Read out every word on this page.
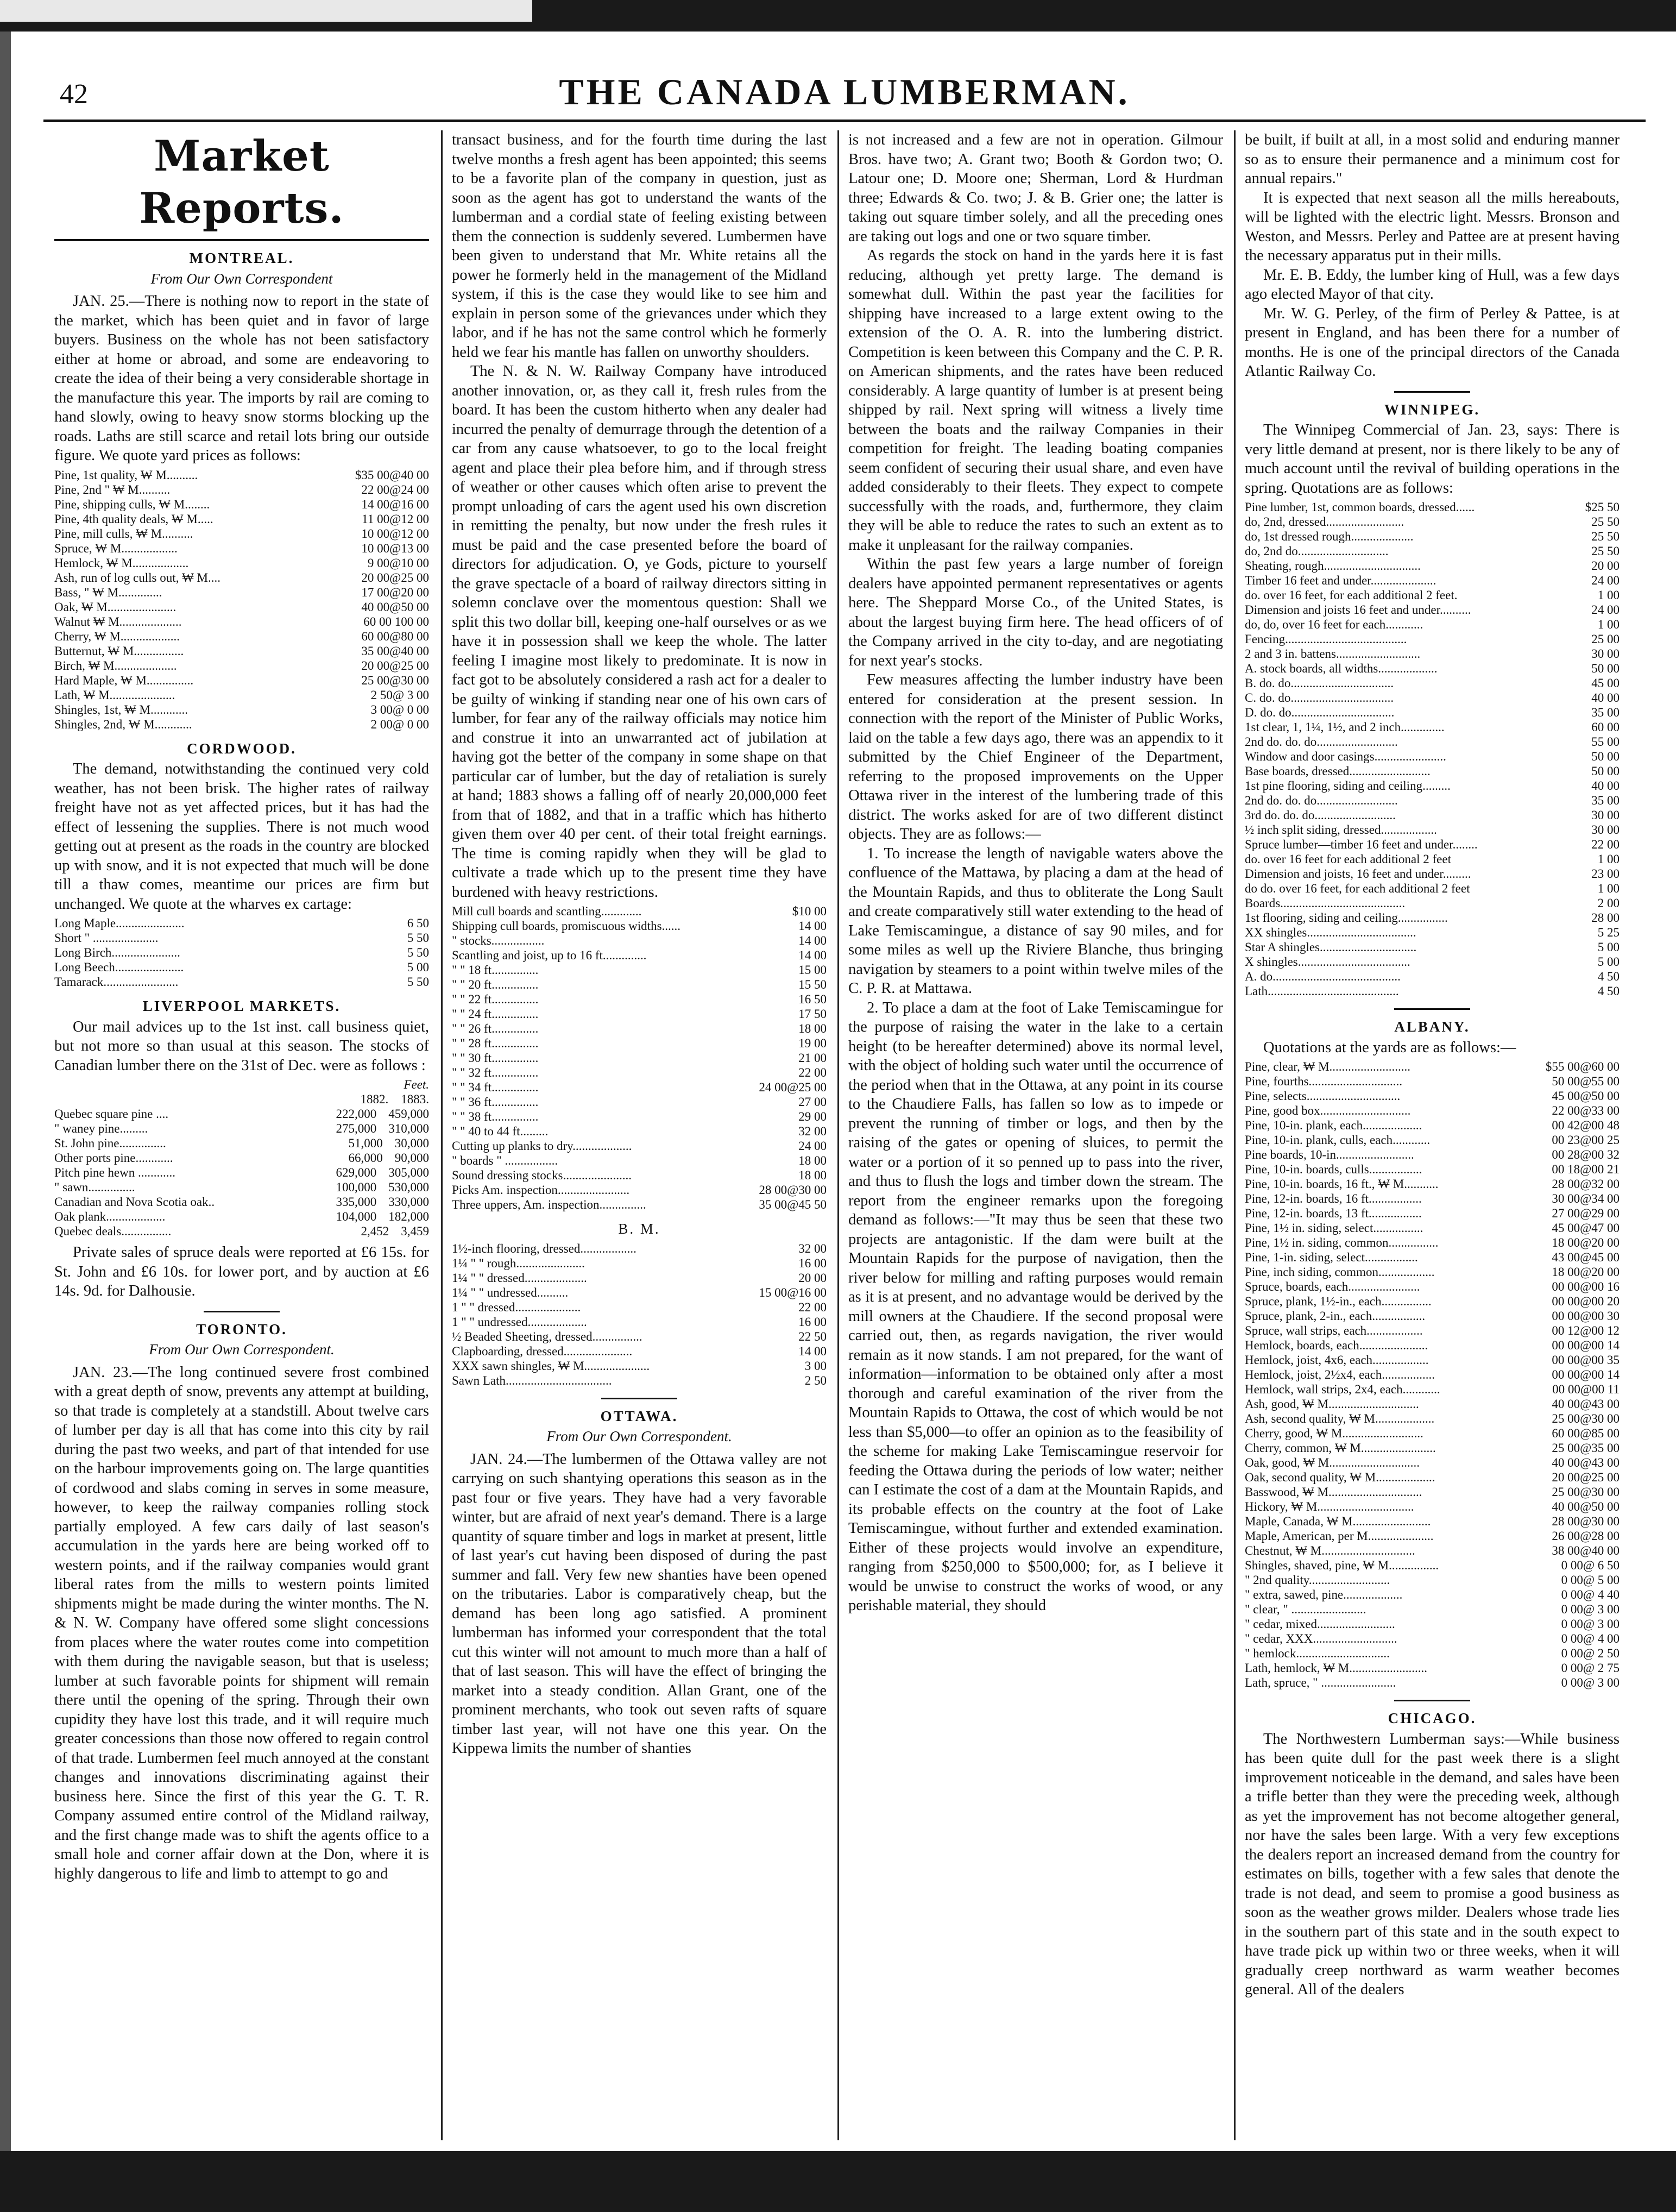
42	THE CANADA LUMBERMAN.
Market Reports.
MONTREAL.
From Our Own Correspondent

JAN. 25.—There is nothing now to report in the state of the market, which has been quiet and in favor of large buyers. Business on the whole has not been satisfactory either at home or abroad, and some are endeavoring to create the idea of their being a very considerable shortage in the manufacture this year. The imports by rail are coming to hand slowly, owing to heavy snow storms blocking up the roads. Laths are still scarce and retail lots bring our outside figure. We quote yard prices as follows:

Pine, 1st quality, ₩ M..........	$35 00@40 00
Pine, 2nd " ₩ M..........	22 00@24 00
Pine, shipping culls, ₩ M........	14 00@16 00
Pine, 4th quality deals, ₩ M.....	11 00@12 00
Pine, mill culls, ₩ M..........	10 00@12 00
Spruce, ₩ M..................	10 00@13 00
Hemlock, ₩ M..................	9 00@10 00
Ash, run of log culls out, ₩ M....	20 00@25 00
Bass, " ₩ M..............	17 00@20 00
Oak, ₩ M......................	40 00@50 00
Walnut ₩ M....................	60 00 100 00
Cherry, ₩ M...................	60 00@80 00
Butternut, ₩ M................	35 00@40 00
Birch, ₩ M....................	20 00@25 00
Hard Maple, ₩ M...............	25 00@30 00
Lath, ₩ M.....................	2 50@ 3 00
Shingles, 1st, ₩ M............	3 00@ 0 00
Shingles, 2nd, ₩ M............	2 00@ 0 00
CORDWOOD.

The demand, notwithstanding the continued very cold weather, has not been brisk. The higher rates of railway freight have not as yet affected prices, but it has had the effect of lessening the supplies. There is not much wood getting out at present as the roads in the country are blocked up with snow, and it is not expected that much will be done till a thaw comes, meantime our prices are firm but unchanged. We quote at the wharves ex cartage:

Long Maple......................	6 50
Short " .....................	5 50
Long Birch......................	5 50
Long Beech......................	5 00
Tamarack........................	5 50
LIVERPOOL MARKETS.

Our mail advices up to the 1st inst. call business quiet, but not more so than usual at this season. The stocks of Canadian lumber there on the 31st of Dec. were as follows :

Feet.
1882. 1883.
Quebec square pine ....	222,000 459,000
" waney pine.........	275,000 310,000
St. John pine...............	51,000 30,000
Other ports pine............	66,000 90,000
Pitch pine hewn ............	629,000 305,000
" sawn...............	100,000 530,000
Canadian and Nova Scotia oak..	335,000 330,000
Oak plank...................	104,000 182,000
Quebec deals................	2,452 3,459

Private sales of spruce deals were reported at £6 15s. for St. John and £6 10s. for lower port, and by auction at £6 14s. 9d. for Dalhousie.

TORONTO.
From Our Own Correspondent.

JAN. 23.—The long continued severe frost combined with a great depth of snow, prevents any attempt at building, so that trade is completely at a standstill. About twelve cars of lumber per day is all that has come into this city by rail during the past two weeks, and part of that intended for use on the harbour improvements going on. The large quantities of cordwood and slabs coming in serves in some measure, however, to keep the railway companies rolling stock partially employed. A few cars daily of last season's accumulation in the yards here are being worked off to western points, and if the railway companies would grant liberal rates from the mills to western points limited shipments might be made during the winter months. The N. & N. W. Company have offered some slight concessions from places where the water routes come into competition with them during the navigable season, but that is useless; lumber at such favorable points for shipment will remain there until the opening of the spring. Through their own cupidity they have lost this trade, and it will require much greater concessions than those now offered to regain control of that trade. Lumbermen feel much annoyed at the constant changes and innovations discriminating against their business here. Since the first of this year the G. T. R. Company assumed entire control of the Midland railway, and the first change made was to shift the agents office to a small hole and corner affair down at the Don, where it is highly dangerous to life and limb to attempt to go and

transact business, and for the fourth time during the last twelve months a fresh agent has been appointed; this seems to be a favorite plan of the company in question, just as soon as the agent has got to understand the wants of the lumberman and a cordial state of feeling existing between them the connection is suddenly severed. Lumbermen have been given to understand that Mr. White retains all the power he formerly held in the management of the Midland system, if this is the case they would like to see him and explain in person some of the grievances under which they labor, and if he has not the same control which he formerly held we fear his mantle has fallen on unworthy shoulders.

The N. & N. W. Railway Company have introduced another innovation, or, as they call it, fresh rules from the board. It has been the custom hitherto when any dealer had incurred the penalty of demurrage through the detention of a car from any cause whatsoever, to go to the local freight agent and place their plea before him, and if through stress of weather or other causes which often arise to prevent the prompt unloading of cars the agent used his own discretion in remitting the penalty, but now under the fresh rules it must be paid and the case presented before the board of directors for adjudication. O, ye Gods, picture to yourself the grave spectacle of a board of railway directors sitting in solemn conclave over the momentous question: Shall we split this two dollar bill, keeping one-half ourselves or as we have it in possession shall we keep the whole. The latter feeling I imagine most likely to predominate. It is now in fact got to be absolutely considered a rash act for a dealer to be guilty of winking if standing near one of his own cars of lumber, for fear any of the railway officials may notice him and construe it into an unwarranted act of jubilation at having got the better of the company in some shape on that particular car of lumber, but the day of retaliation is surely at hand; 1883 shows a falling off of nearly 20,000,000 feet from that of 1882, and that in a traffic which has hitherto given them over 40 per cent. of their total freight earnings. The time is coming rapidly when they will be glad to cultivate a trade which up to the present time they have burdened with heavy restrictions.

Mill cull boards and scantling.............	$10 00
Shipping cull boards, promiscuous widths......	14 00
" stocks.................	14 00
Scantling and joist, up to 16 ft..............	14 00
" " 18 ft...............	15 00
" " 20 ft...............	15 50
" " 22 ft...............	16 50
" " 24 ft...............	17 50
" " 26 ft...............	18 00
" " 28 ft...............	19 00
" " 30 ft...............	21 00
" " 32 ft...............	22 00
" " 34 ft...............	24 00@25 00
" " 36 ft...............	27 00
" " 38 ft...............	29 00
" " 40 to 44 ft.........	32 00
Cutting up planks to dry...................	24 00
" boards " .................	18 00
Sound dressing stocks......................	18 00
Picks Am. inspection.......................	28 00@30 00
Three uppers, Am. inspection...............	35 00@45 50
B. M.
1½-inch flooring, dressed..................	32 00
1¼ " " rough......................	16 00
1¼ " " dressed....................	20 00
1¼ " " undressed..........	15 00@16 00
1 " " dressed.....................	22 00
1 " " undressed...................	16 00
½ Beaded Sheeting, dressed................	22 50
Clapboarding, dressed......................	14 00
XXX sawn shingles, ₩ M.....................	3 00
Sawn Lath..................................	2 50
OTTAWA.
From Our Own Correspondent.

JAN. 24.—The lumbermen of the Ottawa valley are not carrying on such shantying operations this season as in the past four or five years. They have had a very favorable winter, but are afraid of next year's demand. There is a large quantity of square timber and logs in market at present, little of last year's cut having been disposed of during the past summer and fall. Very few new shanties have been opened on the tributaries. Labor is comparatively cheap, but the demand has been long ago satisfied. A prominent lumberman has informed your correspondent that the total cut this winter will not amount to much more than a half of that of last season. This will have the effect of bringing the market into a steady condition. Allan Grant, one of the prominent merchants, who took out seven rafts of square timber last year, will not have one this year. On the Kippewa limits the number of shanties

is not increased and a few are not in operation. Gilmour Bros. have two; A. Grant two; Booth & Gordon two; O. Latour one; D. Moore one; Sherman, Lord & Hurdman three; Edwards & Co. two; J. & B. Grier one; the latter is taking out square timber solely, and all the preceding ones are taking out logs and one or two square timber.

As regards the stock on hand in the yards here it is fast reducing, although yet pretty large. The demand is somewhat dull. Within the past year the facilities for shipping have increased to a large extent owing to the extension of the O. A. R. into the lumbering district. Competition is keen between this Company and the C. P. R. on American shipments, and the rates have been reduced considerably. A large quantity of lumber is at present being shipped by rail. Next spring will witness a lively time between the boats and the railway Companies in their competition for freight. The leading boating companies seem confident of securing their usual share, and even have added considerably to their fleets. They expect to compete successfully with the roads, and, furthermore, they claim they will be able to reduce the rates to such an extent as to make it unpleasant for the railway companies.

Within the past few years a large number of foreign dealers have appointed permanent representatives or agents here. The Sheppard Morse Co., of the United States, is about the largest buying firm here. The head officers of of the Company arrived in the city to-day, and are negotiating for next year's stocks.

Few measures affecting the lumber industry have been entered for consideration at the present session. In connection with the report of the Minister of Public Works, laid on the table a few days ago, there was an appendix to it submitted by the Chief Engineer of the Department, referring to the proposed improvements on the Upper Ottawa river in the interest of the lumbering trade of this district. The works asked for are of two different distinct objects. They are as follows:—

1. To increase the length of navigable waters above the confluence of the Mattawa, by placing a dam at the head of the Mountain Rapids, and thus to obliterate the Long Sault and create comparatively still water extending to the head of Lake Temiscamingue, a distance of say 90 miles, and for some miles as well up the Riviere Blanche, thus bringing navigation by steamers to a point within twelve miles of the C. P. R. at Mattawa.

2. To place a dam at the foot of Lake Temiscamingue for the purpose of raising the water in the lake to a certain height (to be hereafter determined) above its normal level, with the object of holding such water until the occurrence of the period when that in the Ottawa, at any point in its course to the Chaudiere Falls, has fallen so low as to impede or prevent the running of timber or logs, and then by the raising of the gates or opening of sluices, to permit the water or a portion of it so penned up to pass into the river, and thus to flush the logs and timber down the stream. The report from the engineer remarks upon the foregoing demand as follows:—"It may thus be seen that these two projects are antagonistic. If the dam were built at the Mountain Rapids for the purpose of navigation, then the river below for milling and rafting purposes would remain as it is at present, and no advantage would be derived by the mill owners at the Chaudiere. If the second proposal were carried out, then, as regards navigation, the river would remain as it now stands. I am not prepared, for the want of information—information to be obtained only after a most thorough and careful examination of the river from the Mountain Rapids to Ottawa, the cost of which would be not less than $5,000—to offer an opinion as to the feasibility of the scheme for making Lake Temiscamingue reservoir for feeding the Ottawa during the periods of low water; neither can I estimate the cost of a dam at the Mountain Rapids, and its probable effects on the country at the foot of Lake Temiscamingue, without further and extended examination. Either of these projects would involve an expenditure, ranging from $250,000 to $500,000; for, as I believe it would be unwise to construct the works of wood, or any perishable material, they should

be built, if built at all, in a most solid and enduring manner so as to ensure their permanence and a minimum cost for annual repairs."

It is expected that next season all the mills hereabouts, will be lighted with the electric light. Messrs. Bronson and Weston, and Messrs. Perley and Pattee are at present having the necessary apparatus put in their mills.

Mr. E. B. Eddy, the lumber king of Hull, was a few days ago elected Mayor of that city.

Mr. W. G. Perley, of the firm of Perley & Pattee, is at present in England, and has been there for a number of months. He is one of the principal directors of the Canada Atlantic Railway Co.

WINNIPEG.

The Winnipeg Commercial of Jan. 23, says: There is very little demand at present, nor is there likely to be any of much account until the revival of building operations in the spring. Quotations are as follows:

Pine lumber, 1st, common boards, dressed......	$25 50
do, 2nd, dressed.........................	25 50
do, 1st dressed rough....................	25 50
do, 2nd do.............................	25 50
Sheating, rough...............................	20 00
Timber 16 feet and under.....................	24 00
do. over 16 feet, for each additional 2 feet.	1 00
Dimension and joists 16 feet and under..........	24 00
do, do, over 16 feet for each............	1 00
Fencing.......................................	25 00
2 and 3 in. battens...........................	30 00
A. stock boards, all widths...................	50 00
B. do. do.................................	45 00
C. do. do.................................	40 00
D. do. do.................................	35 00
1st clear, 1, 1¼, 1½, and 2 inch..............	60 00
2nd do. do. do..........................	55 00
Window and door casings.......................	50 00
Base boards, dressed..........................	50 00
1st pine flooring, siding and ceiling.........	40 00
2nd do. do. do..........................	35 00
3rd do. do. do..........................	30 00
½ inch split siding, dressed..................	30 00
Spruce lumber—timber 16 feet and under........	22 00
do. over 16 feet for each additional 2 feet	1 00
Dimension and joists, 16 feet and under.........	23 00
do do. over 16 feet, for each additional 2 feet	1 00
Boards........................................	2 00
1st flooring, siding and ceiling................	28 00
XX shingles...................................	5 25
Star A shingles...............................	5 00
X shingles....................................	5 00
A. do.........................................	4 50
Lath..........................................	4 50
ALBANY.

Quotations at the yards are as follows:—

Pine, clear, ₩ M..........................	$55 00@60 00
Pine, fourths..............................	50 00@55 00
Pine, selects..............................	45 00@50 00
Pine, good box.............................	22 00@33 00
Pine, 10-in. plank, each...................	00 42@00 48
Pine, 10-in. plank, culls, each............	00 23@00 25
Pine boards, 10-in.........................	00 28@00 32
Pine, 10-in. boards, culls.................	00 18@00 21
Pine, 10-in. boards, 16 ft., ₩ M...........	28 00@32 00
Pine, 12-in. boards, 16 ft.................	30 00@34 00
Pine, 12-in. boards, 13 ft.................	27 00@29 00
Pine, 1½ in. siding, select................	45 00@47 00
Pine, 1½ in. siding, common................	18 00@20 00
Pine, 1-in. siding, select.................	43 00@45 00
Pine, inch siding, common..................	18 00@20 00
Spruce, boards, each.......................	00 00@00 16
Spruce, plank, 1½-in., each................	00 00@00 20
Spruce, plank, 2-in., each.................	00 00@00 30
Spruce, wall strips, each..................	00 12@00 12
Hemlock, boards, each......................	00 00@00 14
Hemlock, joist, 4x6, each..................	00 00@00 35
Hemlock, joist, 2½x4, each.................	00 00@00 14
Hemlock, wall strips, 2x4, each............	00 00@00 11
Ash, good, ₩ M.............................	40 00@43 00
Ash, second quality, ₩ M...................	25 00@30 00
Cherry, good, ₩ M..........................	60 00@85 00
Cherry, common, ₩ M........................	25 00@35 00
Oak, good, ₩ M.............................	40 00@43 00
Oak, second quality, ₩ M...................	20 00@25 00
Basswood, ₩ M..............................	25 00@30 00
Hickory, ₩ M...............................	40 00@50 00
Maple, Canada, ₩ M.........................	28 00@30 00
Maple, American, per M.....................	26 00@28 00
Chestnut, ₩ M..............................	38 00@40 00
Shingles, shaved, pine, ₩ M................	0 00@ 6 50
" 2nd quality..........................	0 00@ 5 00
" extra, sawed, pine...................	0 00@ 4 40
" clear, " ........................	0 00@ 3 00
" cedar, mixed.........................	0 00@ 3 00
" cedar, XXX...........................	0 00@ 4 00
" hemlock..............................	0 00@ 2 50
Lath, hemlock, ₩ M.........................	0 00@ 2 75
Lath, spruce, " ........................	0 00@ 3 00
CHICAGO.

The Northwestern Lumberman says:—While business has been quite dull for the past week there is a slight improvement noticeable in the demand, and sales have been a trifle better than they were the preceding week, although as yet the improvement has not become altogether general, nor have the sales been large. With a very few exceptions the dealers report an increased demand from the country for estimates on bills, together with a few sales that denote the trade is not dead, and seem to promise a good business as soon as the weather grows milder. Dealers whose trade lies in the southern part of this state and in the south expect to have trade pick up within two or three weeks, when it will gradually creep northward as warm weather becomes general. All of the dealers
